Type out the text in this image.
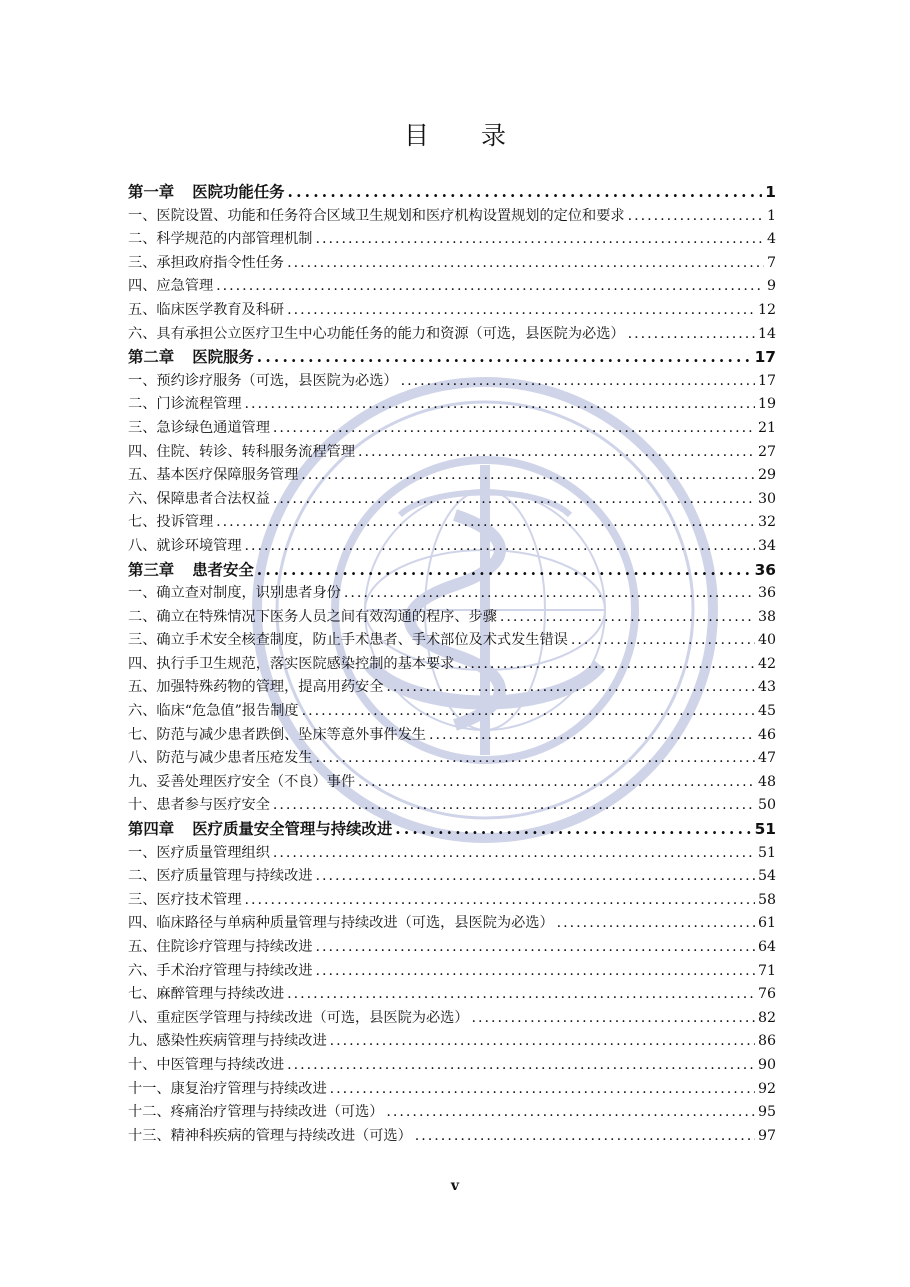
目 录
第一章 医院功能任务 .....	1
一、医院设置、功能和任务符合区域卫生规划和医疗机构设置规划的定位和要求 .....	1
二、科学规范的内部管理机制 .....	4
三、承担政府指令性任务 .....	7
四、应急管理 .....	9
五、临床医学教育及科研 .....	12
六、具有承担公立医疗卫生中心功能任务的能力和资源（可选，县医院为必选） .....	14
第二章 医院服务 .....	17
一、预约诊疗服务（可选，县医院为必选） .....	17
二、门诊流程管理 .....	19
三、急诊绿色通道管理 .....	21
四、住院、转诊、转科服务流程管理 .....	27
五、基本医疗保障服务管理 .....	29
六、保障患者合法权益 .....	30
七、投诉管理 .....	32
八、就诊环境管理 .....	34
第三章 患者安全 .....	36
一、确立查对制度，识别患者身份 .....	36
二、确立在特殊情况下医务人员之间有效沟通的程序、步骤 .....	38
三、确立手术安全核查制度，防止手术患者、手术部位及术式发生错误 .....	40
四、执行手卫生规范，落实医院感染控制的基本要求 .....	42
五、加强特殊药物的管理，提高用药安全 .....	43
六、临床“危急值”报告制度 .....	45
七、防范与减少患者跌倒、坠床等意外事件发生 .....	46
八、防范与减少患者压疮发生 .....	47
九、妥善处理医疗安全（不良）事件 .....	48
十、患者参与医疗安全 .....	50
第四章 医疗质量安全管理与持续改进 .....	51
一、医疗质量管理组织 .....	51
二、医疗质量管理与持续改进 .....	54
三、医疗技术管理 .....	58
四、临床路径与单病种质量管理与持续改进（可选，县医院为必选） .....	61
五、住院诊疗管理与持续改进 .....	64
六、手术治疗管理与持续改进 .....	71
七、麻醉管理与持续改进 .....	76
八、重症医学管理与持续改进（可选，县医院为必选） .....	82
九、感染性疾病管理与持续改进 .....	86
十、中医管理与持续改进 .....	90
十一、康复治疗管理与持续改进 .....	92
十二、疼痛治疗管理与持续改进（可选） .....	95
十三、精神科疾病的管理与持续改进（可选） .....	97
v
